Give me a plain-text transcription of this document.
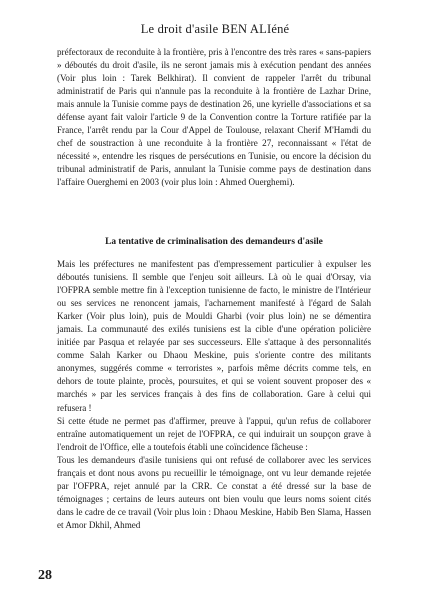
Le droit d'asile BEN ALIéné

préfectoraux de reconduite à la frontière, pris à l'encontre des très rares « sans-papiers » déboutés du droit d'asile, ils ne seront jamais mis à exécution pendant des années (Voir plus loin : Tarek Belkhirat). Il convient de rappeler l'arrêt du tribunal administratif de Paris qui n'annule pas la reconduite à la frontière de Lazhar Drine, mais annule la Tunisie comme pays de destination 26, une kyrielle d'associations et sa défense ayant fait valoir l'article 9 de la Convention contre la Torture ratifiée par la France, l'arrêt rendu par la Cour d'Appel de Toulouse, relaxant Cherif M'Hamdi du chef de soustraction à une reconduite à la frontière 27, reconnaissant « l'état de nécessité », entendre les risques de persécutions en Tunisie, ou encore la décision du tribunal administratif de Paris, annulant la Tunisie comme pays de destination dans l'affaire Ouerghemi en 2003 (voir plus loin : Ahmed Ouerghemi).

La tentative de criminalisation des demandeurs d'asile

Mais les préfectures ne manifestent pas d'empressement particulier à expulser les déboutés tunisiens. Il semble que l'enjeu soit ailleurs. Là où le quai d'Orsay, via l'OFPRA semble mettre fin à l'exception tunisienne de facto, le ministre de l'Intérieur ou ses services ne renoncent jamais, l'acharnement manifesté à l'égard de Salah Karker (Voir plus loin), puis de Mouldi Gharbi (voir plus loin) ne se démentira jamais. La communauté des exilés tunisiens est la cible d'une opération policière initiée par Pasqua et relayée par ses successeurs. Elle s'attaque à des personnalités comme Salah Karker ou Dhaou Meskine, puis s'oriente contre des militants anonymes, suggérés comme « terroristes », parfois même décrits comme tels, en dehors de toute plainte, procès, poursuites, et qui se voient souvent proposer des « marchés » par les services français à des fins de collaboration. Gare à celui qui refusera !

Si cette étude ne permet pas d'affirmer, preuve à l'appui, qu'un refus de collaborer entraîne automatiquement un rejet de l'OFPRA, ce qui induirait un soupçon grave à l'endroit de l'Office, elle a toutefois établi une coïncidence fâcheuse :

Tous les demandeurs d'asile tunisiens qui ont refusé de collaborer avec les services français et dont nous avons pu recueillir le témoignage, ont vu leur demande rejetée par l'OFPRA, rejet annulé par la CRR. Ce constat a été dressé sur la base de témoignages ; certains de leurs auteurs ont bien voulu que leurs noms soient cités dans le cadre de ce travail (Voir plus loin : Dhaou Meskine, Habib Ben Slama, Hassen et Amor Dkhil, Ahmed

28
